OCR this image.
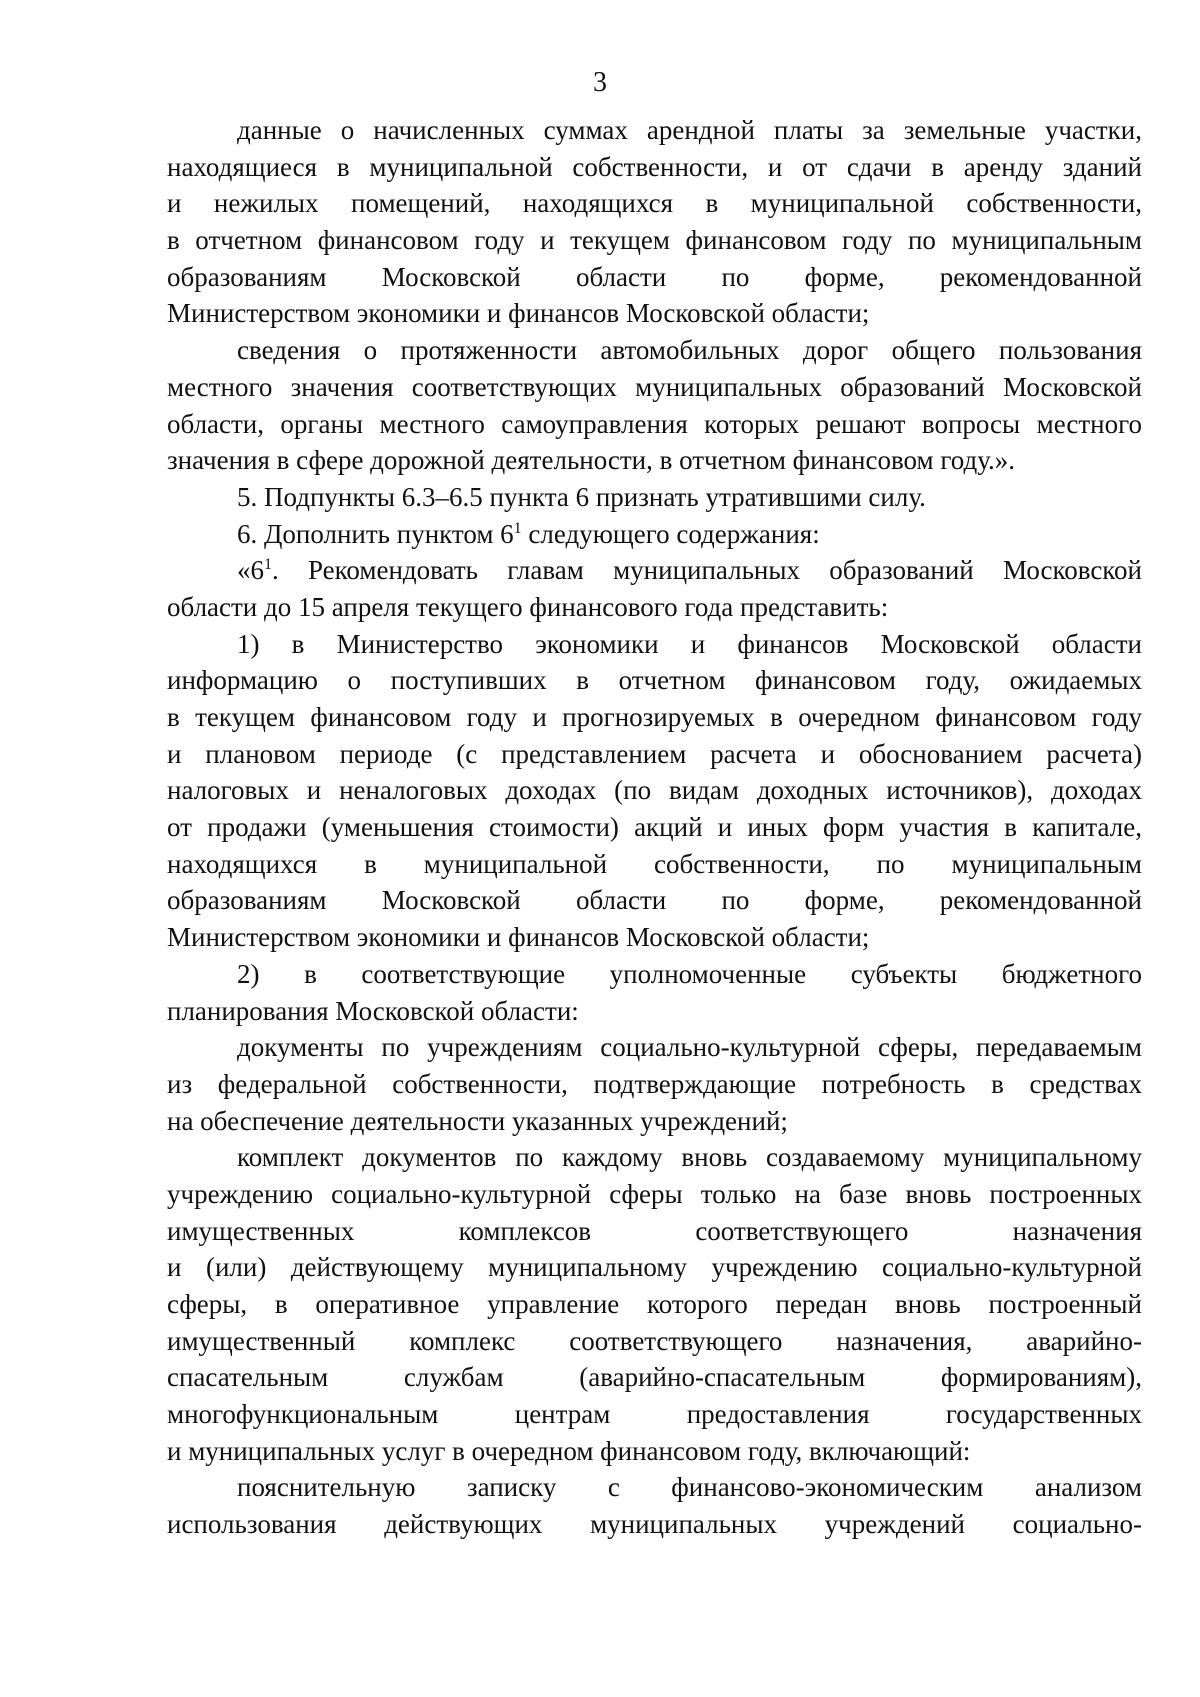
3
данные о начисленных суммах арендной платы за земельные участки,
находящиеся в муниципальной собственности, и от сдачи в аренду зданий
и нежилых помещений, находящихся в муниципальной собственности,
в отчетном финансовом году и текущем финансовом году по муниципальным
образованиям Московской области по форме, рекомендованной
Министерством экономики и финансов Московской области;
сведения о протяженности автомобильных дорог общего пользования
местного значения соответствующих муниципальных образований Московской
области, органы местного самоуправления которых решают вопросы местного
значения в сфере дорожной деятельности, в отчетном финансовом году.».
5. Подпункты 6.3–6.5 пункта 6 признать утратившими силу.
6. Дополнить пунктом $6^1$ следующего содержания:
«$6^1$. Рекомендовать главам муниципальных образований Московской
области до 15 апреля текущего финансового года представить:
1) в Министерство экономики и финансов Московской области
информацию о поступивших в отчетном финансовом году, ожидаемых
в текущем финансовом году и прогнозируемых в очередном финансовом году
и плановом периоде (с представлением расчета и обоснованием расчета)
налоговых и неналоговых доходах (по видам доходных источников), доходах
от продажи (уменьшения стоимости) акций и иных форм участия в капитале,
находящихся в муниципальной собственности, по муниципальным
образованиям Московской области по форме, рекомендованной
Министерством экономики и финансов Московской области;
2) в соответствующие уполномоченные субъекты бюджетного
планирования Московской области:
документы по учреждениям социально-культурной сферы, передаваемым
из федеральной собственности, подтверждающие потребность в средствах
на обеспечение деятельности указанных учреждений;
комплект документов по каждому вновь создаваемому муниципальному
учреждению социально-культурной сферы только на базе вновь построенных
имущественных комплексов соответствующего назначения
и (или) действующему муниципальному учреждению социально-культурной
сферы, в оперативное управление которого передан вновь построенный
имущественный комплекс соответствующего назначения, аварийно-
спасательным службам (аварийно-спасательным формированиям),
многофункциональным центрам предоставления государственных
и муниципальных услуг в очередном финансовом году, включающий:
пояснительную записку с финансово-экономическим анализом
использования действующих муниципальных учреждений социально-
